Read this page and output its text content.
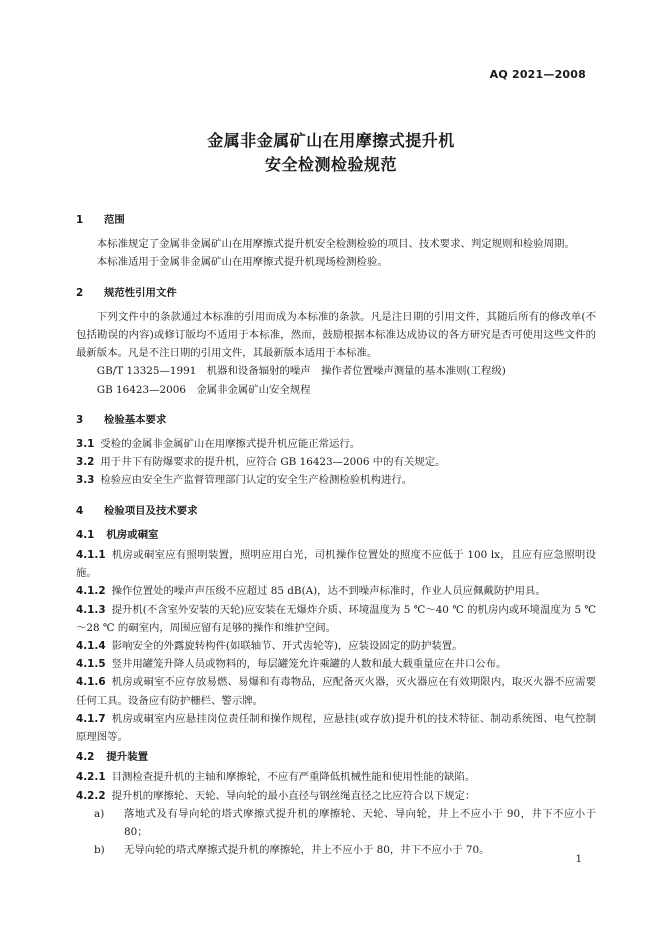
AQ 2021—2008
金属非金属矿山在用摩擦式提升机
安全检测检验规范
1 范围

本标准规定了金属非金属矿山在用摩擦式提升机安全检测检验的项目、技术要求、判定规则和检验周期。

本标准适用于金属非金属矿山在用摩擦式提升机现场检测检验。

2 规范性引用文件

下列文件中的条款通过本标准的引用而成为本标准的条款。凡是注日期的引用文件，其随后所有的修改单(不包括勘误的内容)或修订版均不适用于本标准，然而，鼓励根据本标准达成协议的各方研究是否可使用这些文件的最新版本。凡是不注日期的引用文件，其最新版本适用于本标准。

GB/T 13325—1991　机器和设备辐射的噪声　操作者位置噪声测量的基本准则(工程级)

GB 16423—2006　金属非金属矿山安全规程

3 检验基本要求

3.1 受检的金属非金属矿山在用摩擦式提升机应能正常运行。

3.2 用于井下有防爆要求的提升机，应符合 GB 16423—2006 中的有关规定。

3.3 检验应由安全生产监督管理部门认定的安全生产检测检验机构进行。

4 检验项目及技术要求
4.1 机房或硐室

4.1.1 机房或硐室应有照明装置，照明应用白光，司机操作位置处的照度不应低于 100 lx，且应有应急照明设施。

4.1.2 操作位置处的噪声声压级不应超过 85 dB(A)，达不到噪声标准时，作业人员应佩戴防护用具。

4.1.3 提升机(不含室外安装的天轮)应安装在无爆炸介质、环境温度为 5 ℃～40 ℃ 的机房内或环境温度为 5 ℃～28 ℃ 的硐室内，周围应留有足够的操作和维护空间。

4.1.4 影响安全的外露旋转构件(如联轴节、开式齿轮等)，应装设固定的防护装置。

4.1.5 竖井用罐笼升降人员或物料的，每层罐笼允许乘罐的人数和最大载重量应在井口公布。

4.1.6 机房或硐室不应存放易燃、易爆和有毒物品，应配备灭火器，灭火器应在有效期限内，取灭火器不应需要任何工具。设备应有防护栅栏、警示牌。

4.1.7 机房或硐室内应悬挂岗位责任制和操作规程，应悬挂(或存放)提升机的技术特征、制动系统图、电气控制原理图等。

4.2 提升装置

4.2.1 目测检查提升机的主轴和摩擦轮，不应有严重降低机械性能和使用性能的缺陷。

4.2.2 提升机的摩擦轮、天轮、导向轮的最小直径与钢丝绳直径之比应符合以下规定：

a)	落地式及有导向轮的塔式摩擦式提升机的摩擦轮、天轮、导向轮，井上不应小于 90，井下不应小于 80；
b)	无导向轮的塔式摩擦式提升机的摩擦轮，井上不应小于 80，井下不应小于 70。
1
